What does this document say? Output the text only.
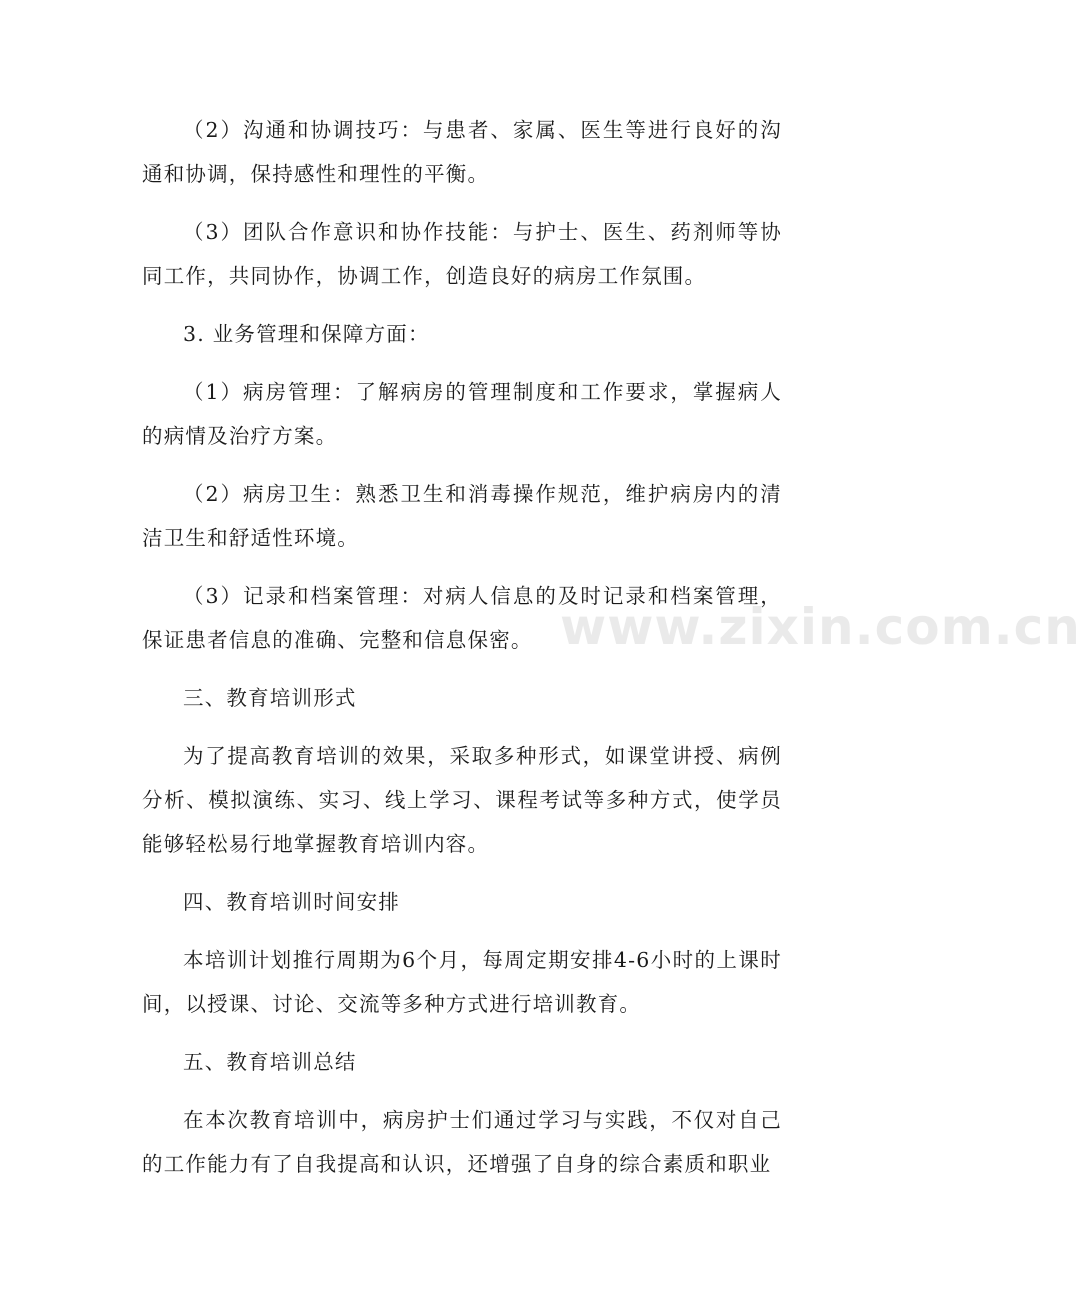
（2）沟通和协调技巧：与患者、家属、医生等进行良好的沟通和协调，保持感性和理性的平衡。

（3）团队合作意识和协作技能：与护士、医生、药剂师等协同工作，共同协作，协调工作，创造良好的病房工作氛围。

3. 业务管理和保障方面：

（1）病房管理：了解病房的管理制度和工作要求，掌握病人的病情及治疗方案。

（2）病房卫生：熟悉卫生和消毒操作规范，维护病房内的清洁卫生和舒适性环境。

（3）记录和档案管理：对病人信息的及时记录和档案管理，保证患者信息的准确、完整和信息保密。

三、教育培训形式

为了提高教育培训的效果，采取多种形式，如课堂讲授、病例分析、模拟演练、实习、线上学习、课程考试等多种方式，使学员能够轻松易行地掌握教育培训内容。

四、教育培训时间安排

本培训计划推行周期为6个月，每周定期安排4-6小时的上课时间，以授课、讨论、交流等多种方式进行培训教育。

五、教育培训总结

在本次教育培训中，病房护士们通过学习与实践，不仅对自己的工作能力有了自我提高和认识，还增强了自身的综合素质和职业

www.zixin.com.cn
